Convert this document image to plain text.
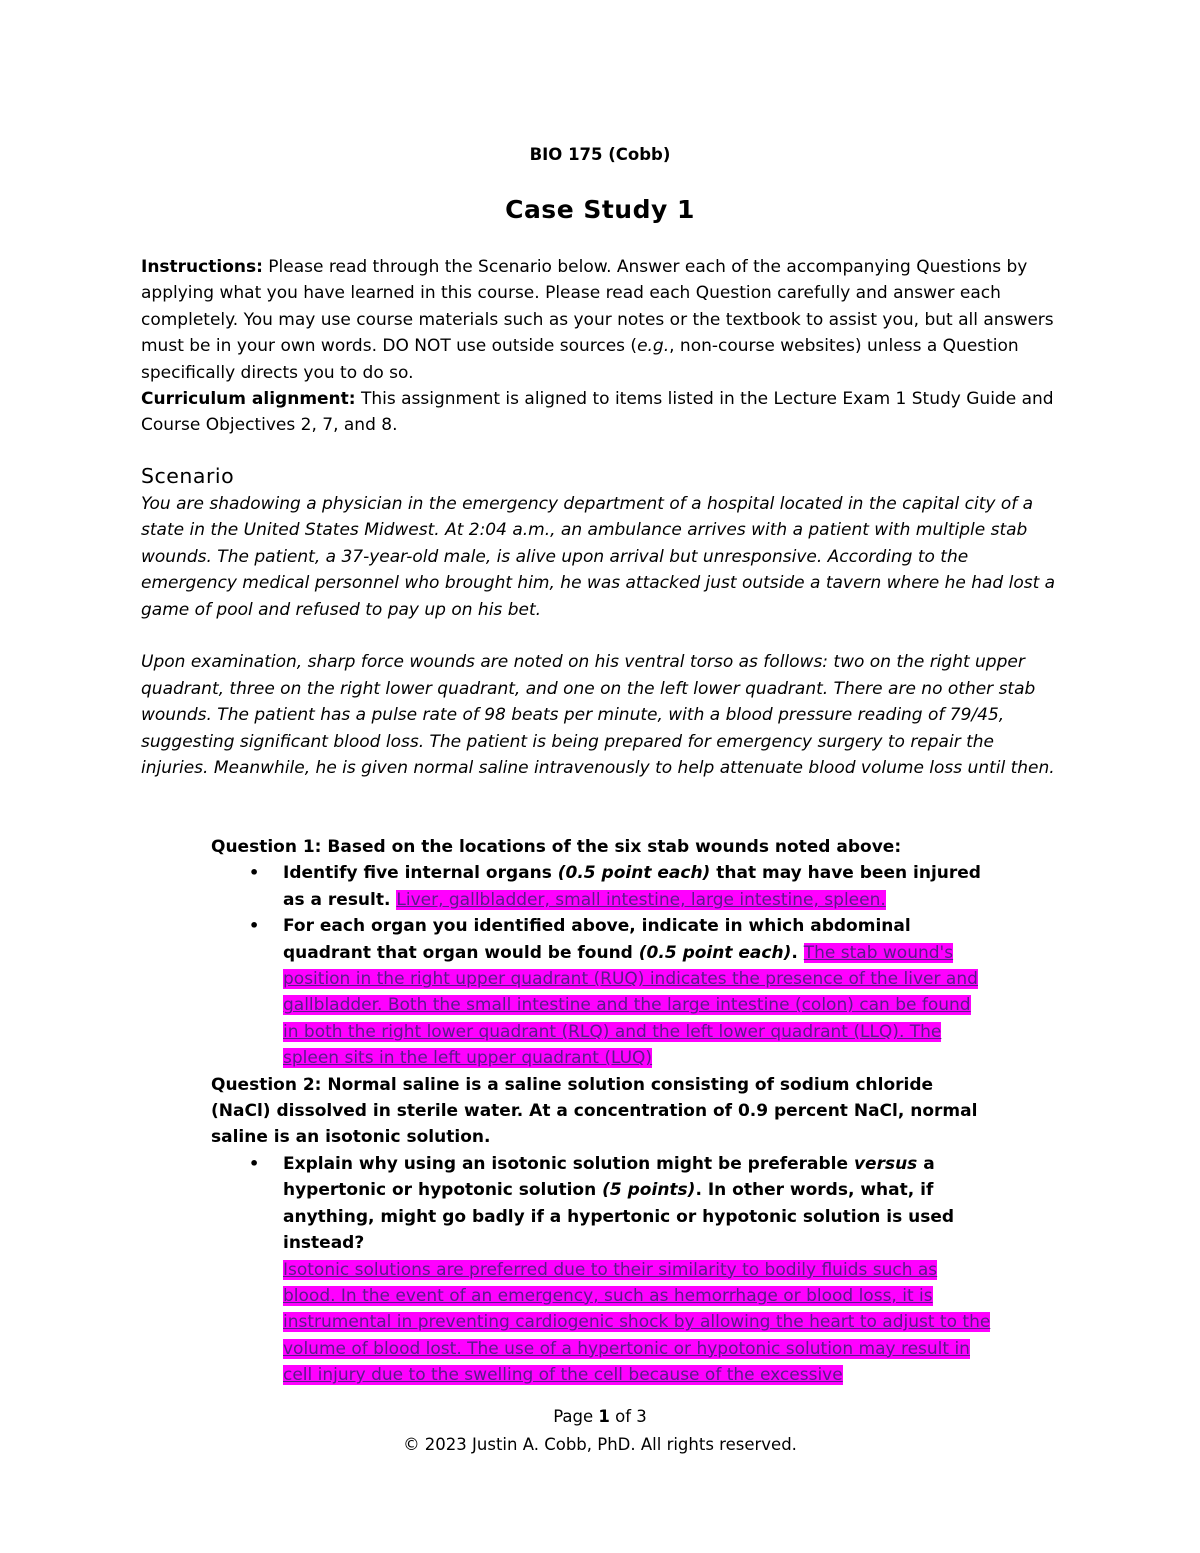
BIO 175 (Cobb)
Case Study 1

Instructions: Please read through the Scenario below. Answer each of the accompanying Questions by applying what you have learned in this course. Please read each Question carefully and answer each completely. You may use course materials such as your notes or the textbook to assist you, but all answers must be in your own words. DO NOT use outside sources (e.g., non-course websites) unless a Question specifically directs you to do so.

Curriculum alignment: This assignment is aligned to items listed in the Lecture Exam 1 Study Guide and Course Objectives 2, 7, and 8.

Scenario

You are shadowing a physician in the emergency department of a hospital located in the capital city of a state in the United States Midwest. At 2:04 a.m., an ambulance arrives with a patient with multiple stab wounds. The patient, a 37-year-old male, is alive upon arrival but unresponsive. According to the emergency medical personnel who brought him, he was attacked just outside a tavern where he had lost a game of pool and refused to pay up on his bet.

Upon examination, sharp force wounds are noted on his ventral torso as follows: two on the right upper quadrant, three on the right lower quadrant, and one on the left lower quadrant. There are no other stab wounds. The patient has a pulse rate of 98 beats per minute, with a blood pressure reading of 79/45, suggesting significant blood loss. The patient is being prepared for emergency surgery to repair the injuries. Meanwhile, he is given normal saline intravenously to help attenuate blood volume loss until then.

Question 1: Based on the locations of the six stab wounds noted above:

• Identify five internal organs (0.5 point each) that may have been injured as a result. Liver, gallbladder, small intestine, large intestine, spleen.
• For each organ you identified above, indicate in which abdominal quadrant that organ would be found (0.5 point each). The stab wound's position in the right upper quadrant (RUQ) indicates the presence of the liver and gallbladder. Both the small intestine and the large intestine (colon) can be found in both the right lower quadrant (RLQ) and the left lower quadrant (LLQ). The spleen sits in the left upper quadrant (LUQ)

Question 2: Normal saline is a saline solution consisting of sodium chloride (NaCl) dissolved in sterile water. At a concentration of 0.9 percent NaCl, normal saline is an isotonic solution.

• Explain why using an isotonic solution might be preferable versus a hypertonic or hypotonic solution (5 points). In other words, what, if anything, might go badly if a hypertonic or hypotonic solution is used instead?
Isotonic solutions are preferred due to their similarity to bodily fluids such as blood. In the event of an emergency, such as hemorrhage or blood loss, it is instrumental in preventing cardiogenic shock by allowing the heart to adjust to the volume of blood lost. The use of a hypertonic or hypotonic solution may result in cell injury due to the swelling of the cell because of the excessive
Page 1 of 3
© 2023 Justin A. Cobb, PhD. All rights reserved.
